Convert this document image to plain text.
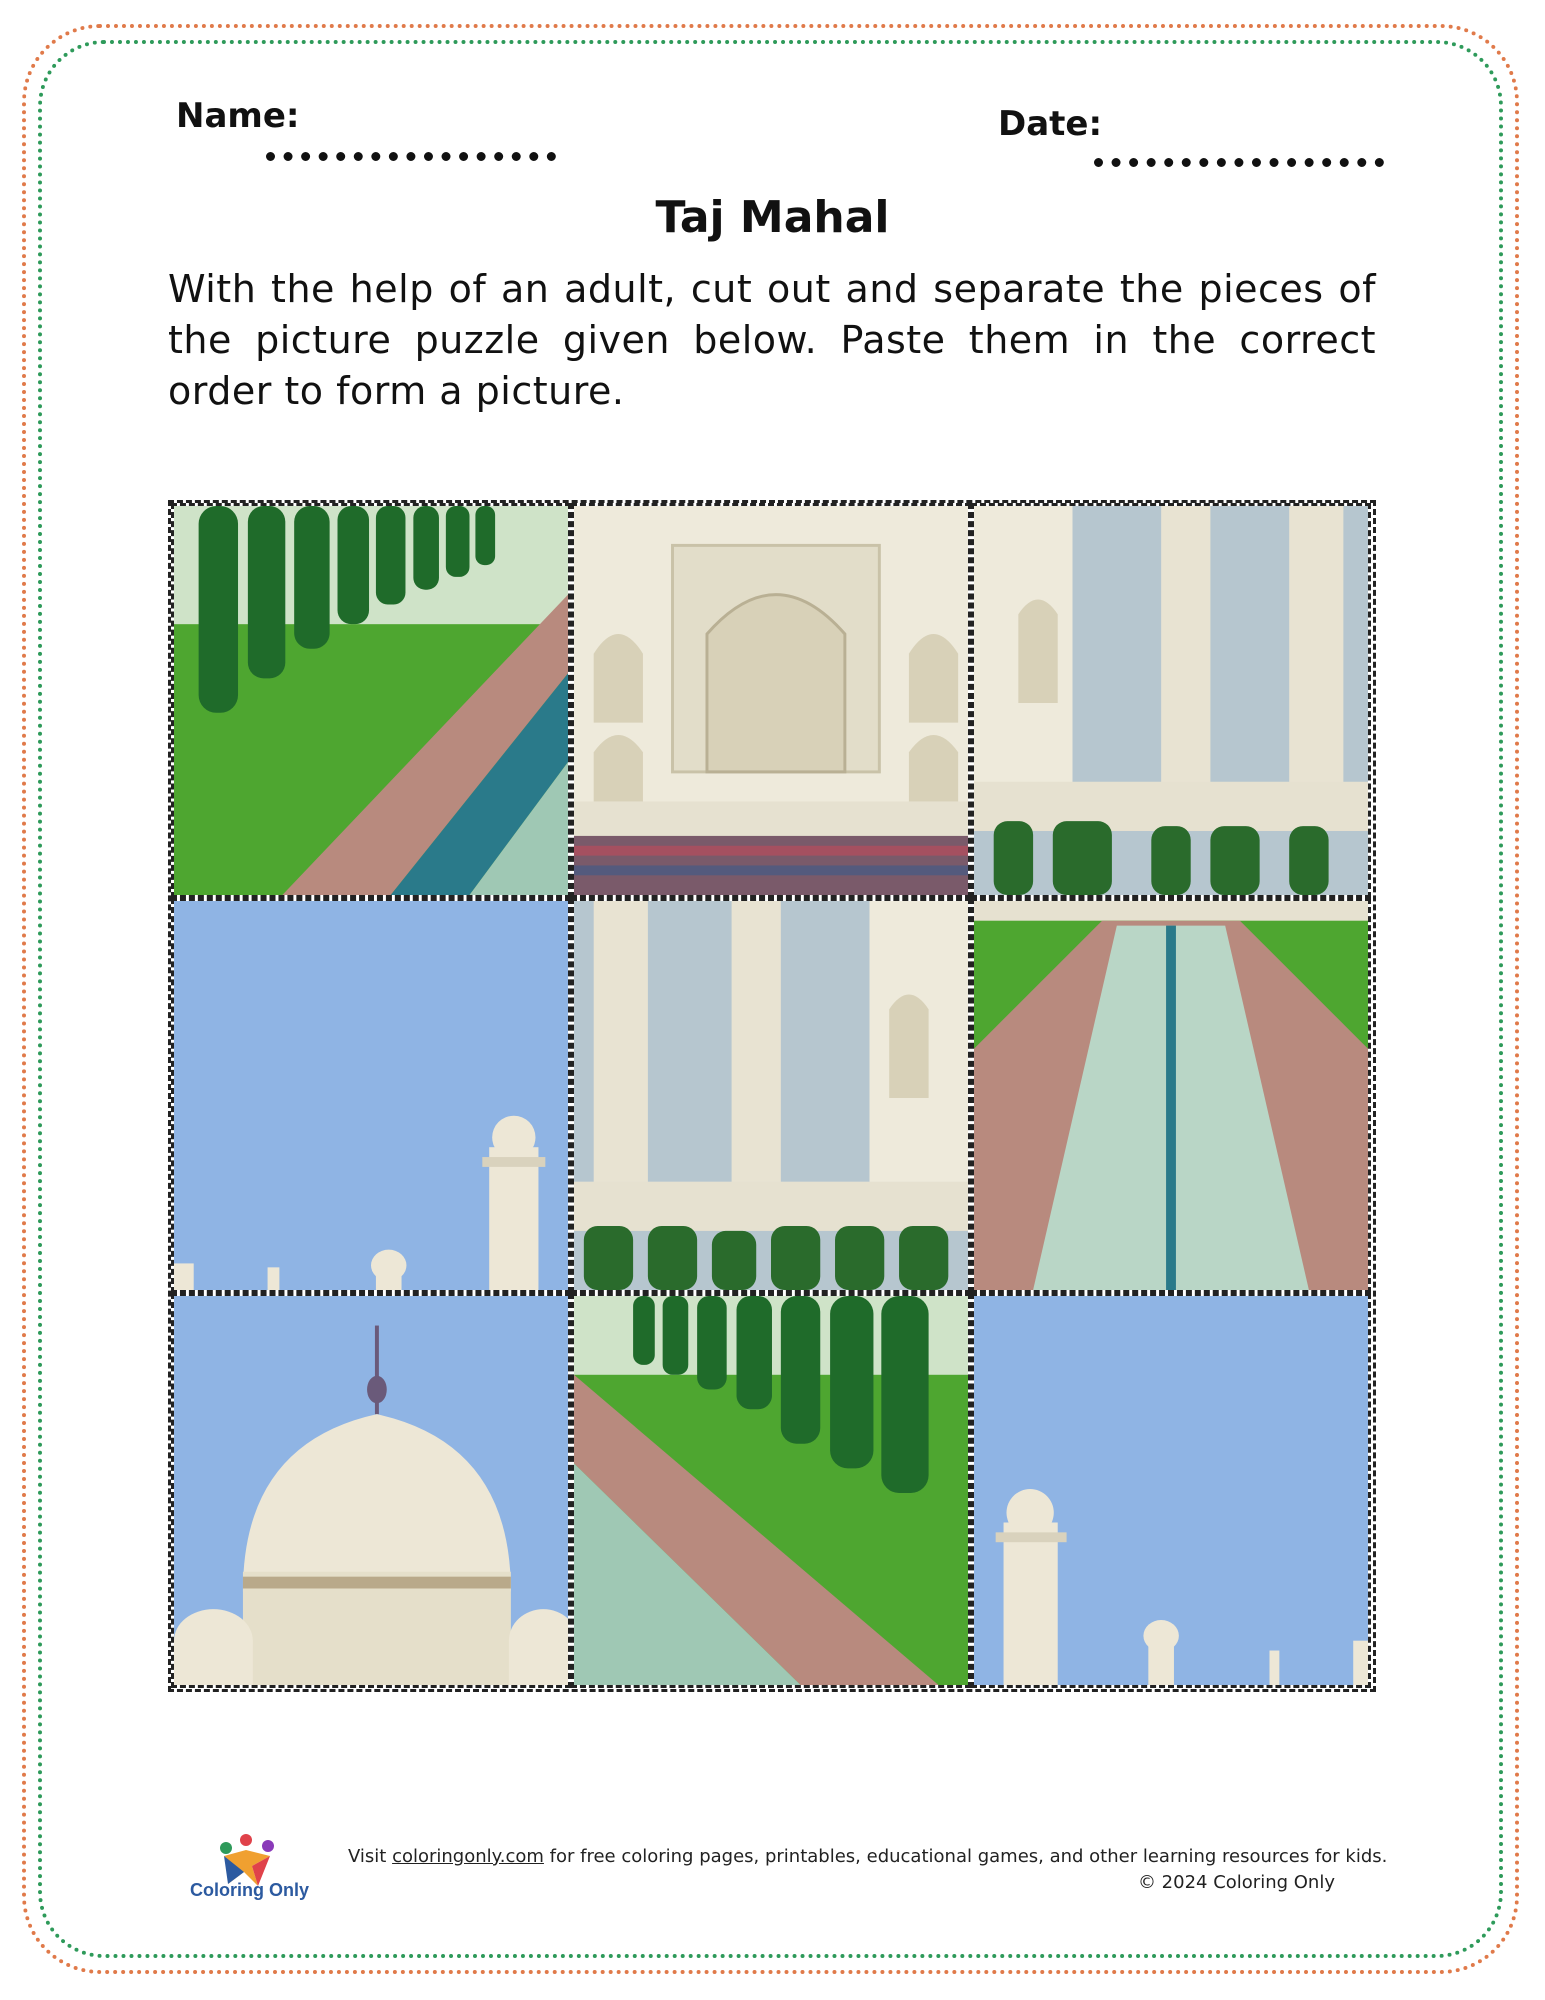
Name:	Date:
Taj Mahal
With the help of an adult, cut out and separate the pieces of the picture puzzle given below. Paste them in the correct order to form a picture.
Coloring Only
Visit coloringonly.com for free coloring pages, printables, educational games, and other learning resources for kids.
© 2024 Coloring Only
